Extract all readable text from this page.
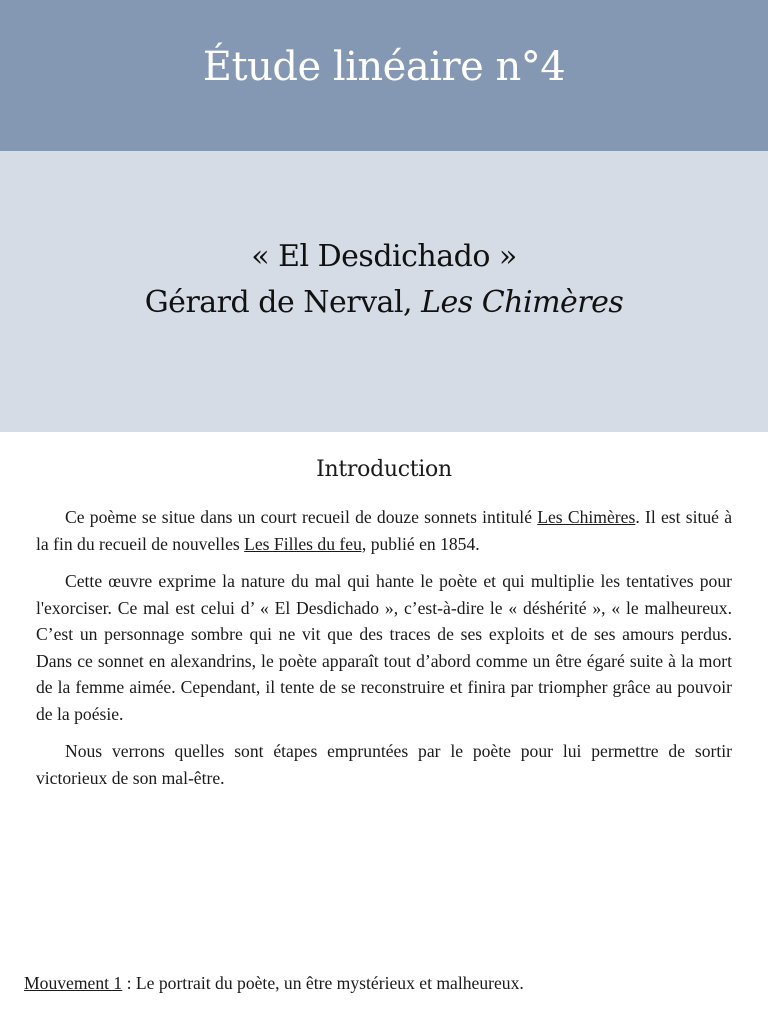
Étude linéaire n°4
« El Desdichado »
Gérard de Nerval, Les Chimères
Introduction

Ce poème se situe dans un court recueil de douze sonnets intitulé Les Chimères. Il est situé à la fin du recueil de nouvelles Les Filles du feu, publié en 1854.

Cette œuvre exprime la nature du mal qui hante le poète et qui multiplie les tentatives pour l'exorciser. Ce mal est celui d’ « El Desdichado », c’est-à-dire le « déshérité », « le malheureux. C’est un personnage sombre qui ne vit que des traces de ses exploits et de ses amours perdus. Dans ce sonnet en alexandrins, le poète apparaît tout d’abord comme un être égaré suite à la mort de la femme aimée. Cependant, il tente de se reconstruire et finira par triompher grâce au pouvoir de la poésie.

Nous verrons quelles sont étapes empruntées par le poète pour lui permettre de sortir victorieux de son mal-être.

Mouvement 1 : Le portrait du poète, un être mystérieux et malheureux.
